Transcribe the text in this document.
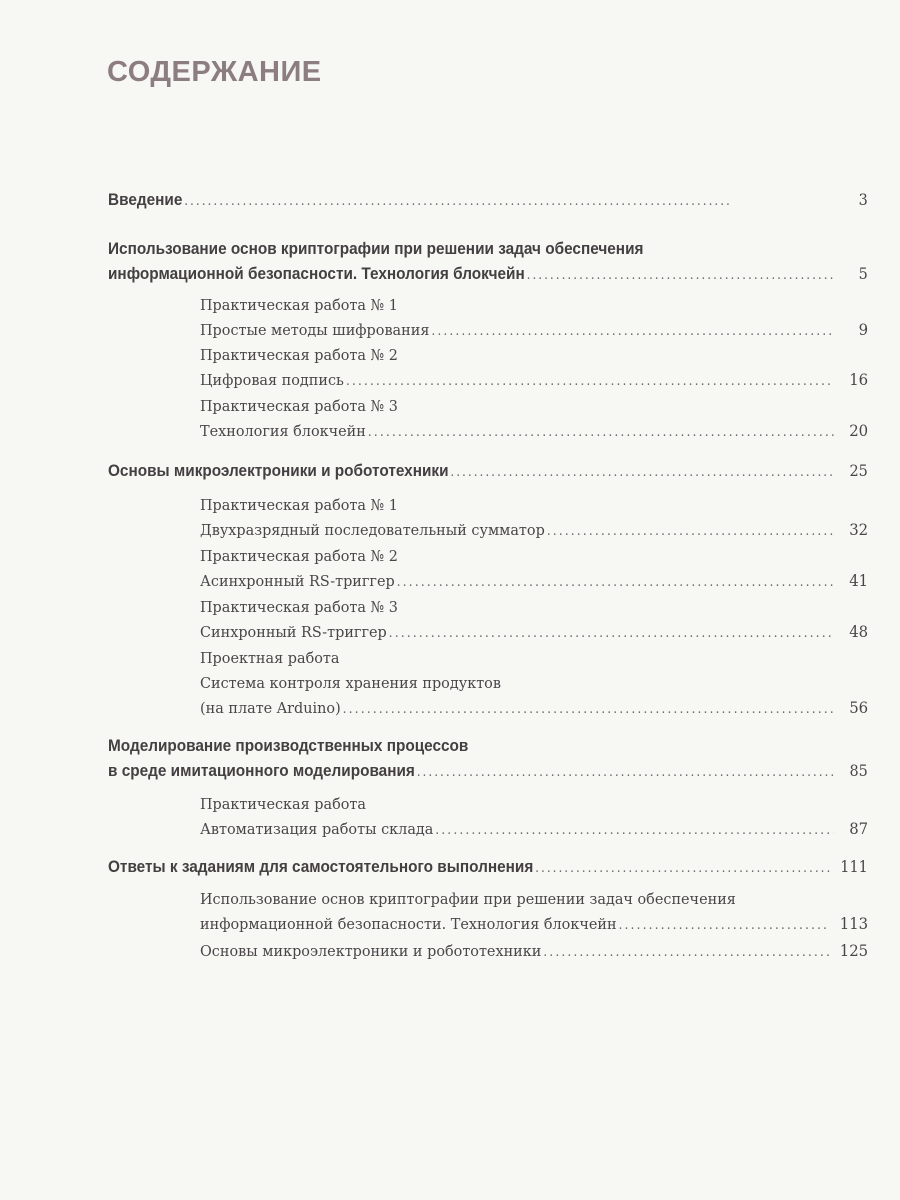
СОДЕРЖАНИЕ
Введение . . .	3
Использование основ криптографии при решении задач обеспечения
информационной безопасности. Технология блокчейн . . .	5
Практическая работа № 1
Простые методы шифрования . . .	9
Практическая работа № 2
Цифровая подпись . . .	16
Практическая работа № 3
Технология блокчейн . . .	20
Основы микроэлектроники и робототехники . . .	25
Практическая работа № 1
Двухразрядный последовательный сумматор . . .	32
Практическая работа № 2
Асинхронный RS-триггер . . .	41
Практическая работа № 3
Синхронный RS-триггер . . .	48
Проектная работа
Система контроля хранения продуктов
(на плате Arduino) . . .	56
Моделирование производственных процессов
в среде имитационного моделирования . . .	85
Практическая работа
Автоматизация работы склада . . .	87
Ответы к заданиям для самостоятельного выполнения . . .	111
Использование основ криптографии при решении задач обеспечения
информационной безопасности. Технология блокчейн . . .	113
Основы микроэлектроники и робототехники . . .	125
